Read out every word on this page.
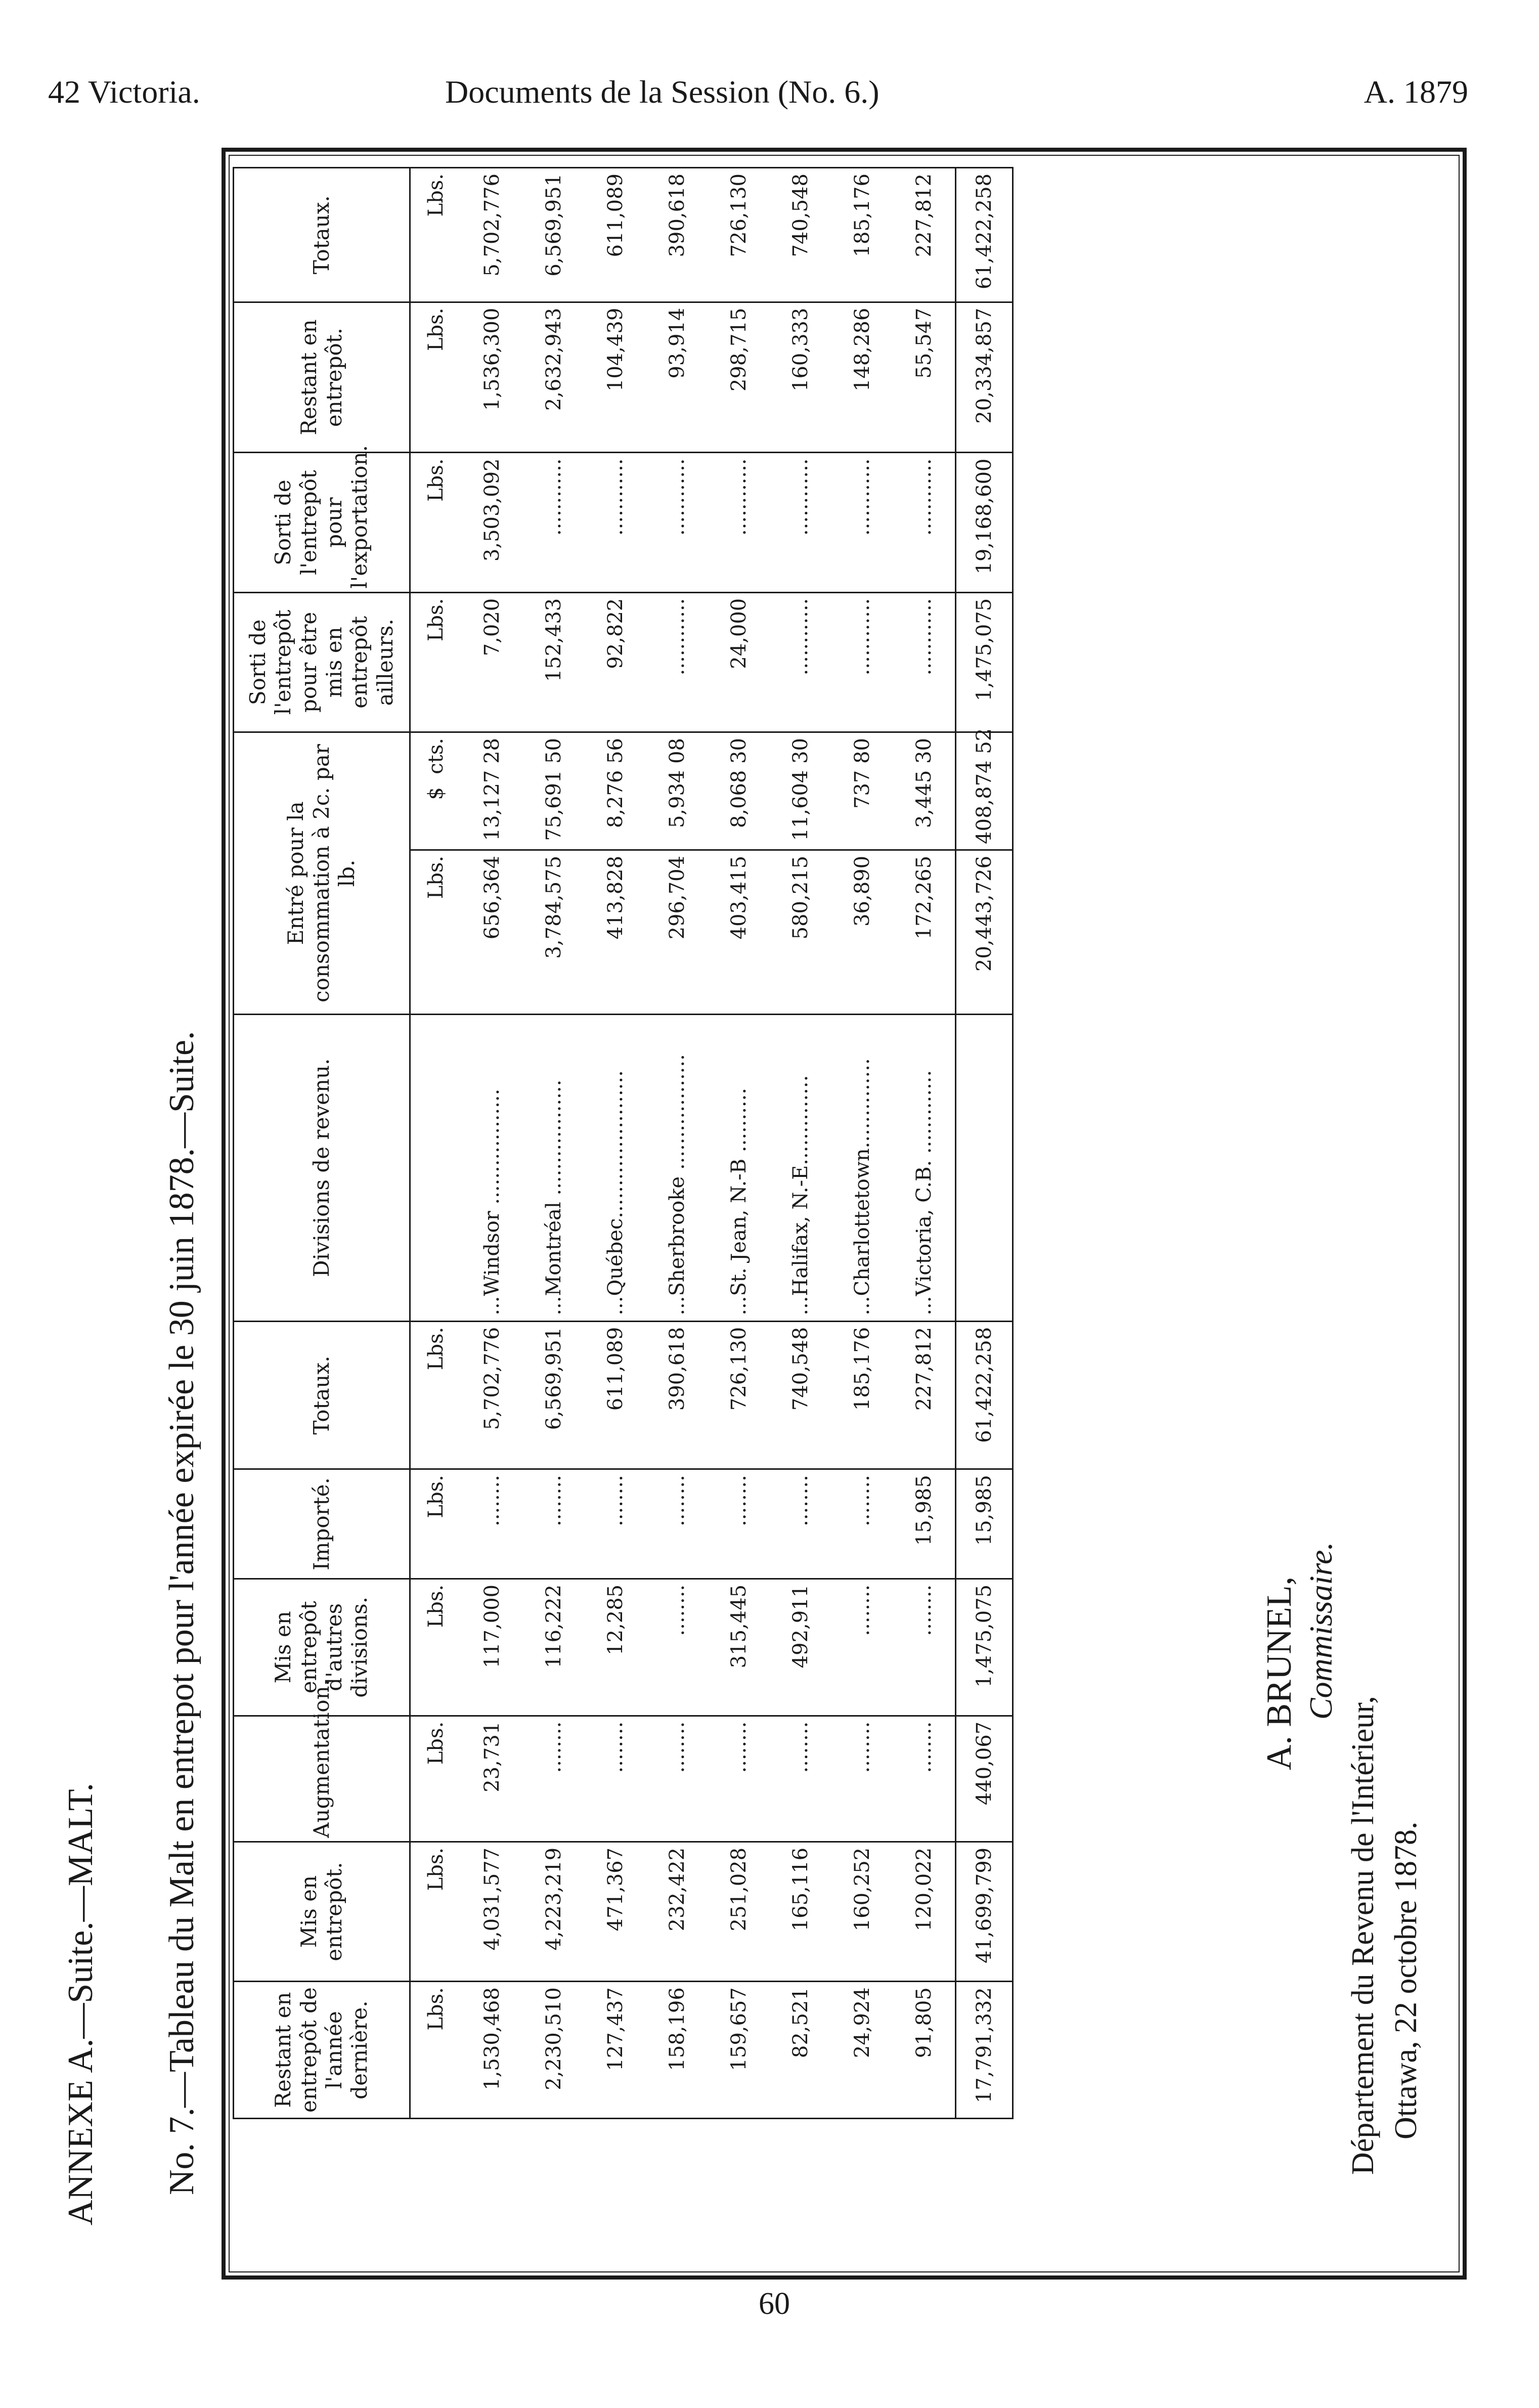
42 Victoria.	Documents de la Session (No. 6.)	A. 1879
ANNEXE A.—Suite.—MALT. No. 7.—Tableau du Malt en entrepot pour l'année expirée le 30 juin 1878.—Suite.	Restant en entrepôt de l'année dernière.	Mis en entrepôt.	Augmentation.	Mis en entrepôt d'autres divisions.	Importé.	Totaux.	Divisions de revenu.	Entré pour la consommation à 2c. par lb.		Sorti de l'entrepôt pour être mis en entrepôt ailleurs.	Sorti de l'entrepôt pour l'exportation.	Restant en entrepôt.	Totaux.
Lbs.	Lbs.	Lbs.	Lbs.	Lbs.	Lbs.		Lbs.	$  cts.	Lbs.	Lbs.	Lbs.	Lbs.
1,530,468	4,031,577	23,731	117,000	........	5,702,776	...Windsor ..................	656,364	13,127 28	7,020	3,503,092	1,536,300	5,702,776
2,230,510	4,223,219	........	116,222	........	6,569,951	...Montréal ..................	3,784,575	75,691 50	152,433	............	2,632,943	6,569,951
127,437	471,367	........	12,285	........	611,089	...Québec.......................	413,828	8,276 56	92,822	............	104,439	611,089
158,196	232,422	........	........	........	390,618	...Sherbrooke ..................	296,704	5,934 08	............	............	93,914	390,618
159,657	251,028	........	315,445	........	726,130	...St. Jean, N.-B ..........	403,415	8,068 30	24,000	............	298,715	726,130
82,521	165,116	........	492,911	........	740,548	...Halifax, N.-E..............	580,215	11,604 30	............	............	160,333	740,548
24,924	160,252	........	........	........	185,176	...Charlottetown..............	36,890	737 80	............	............	148,286	185,176
91,805	120,022	........	........	15,985	227,812	...Victoria, C.B. .............	172,265	3,445 30	............	............	55,547	227,812
17,791,332	41,699,799	440,067	1,475,075	15,985	61,422,258		20,443,726	408,874 52	1,475,075	19,168,600	20,334,857	61,422,258
A. BRUNEL, Commissaire.
Département du Revenu de l'Intérieur, Ottawa, 22 octobre 1878.
60
